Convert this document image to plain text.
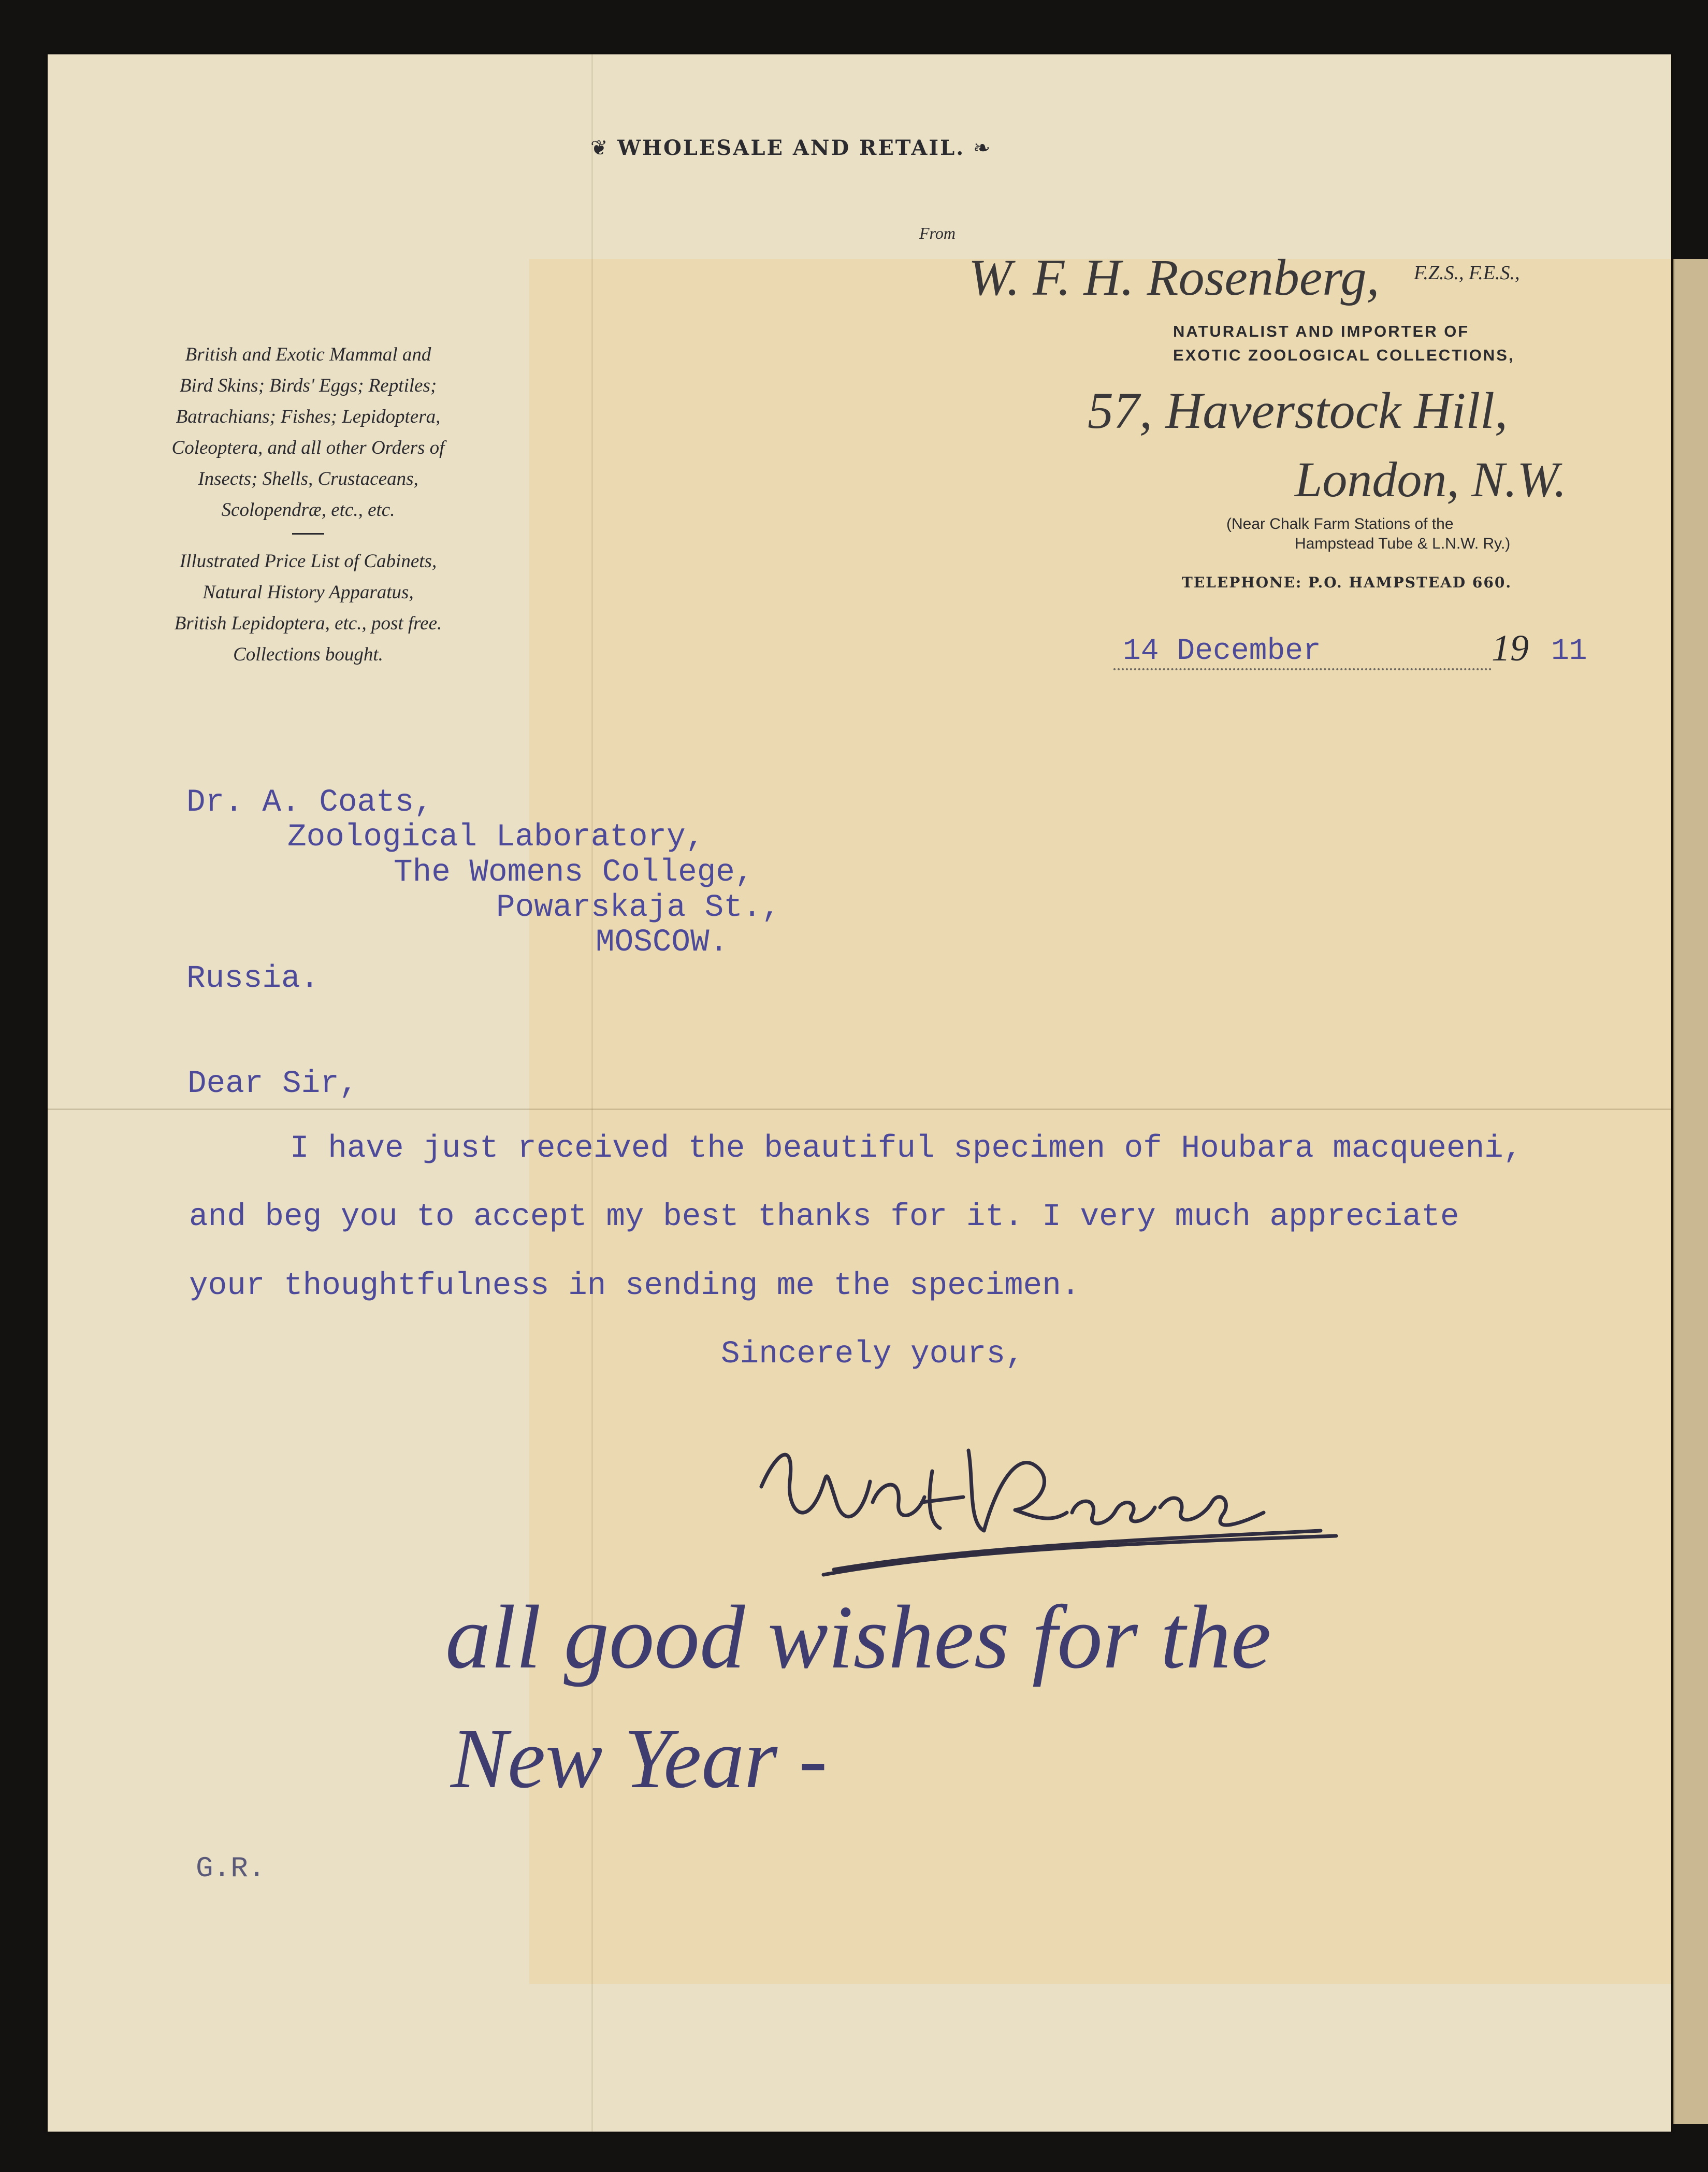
❦ WHOLESALE AND RETAIL. ❧
From
W. F. H. Rosenberg, F.Z.S., F.E.S.,
NATURALIST AND IMPORTER OF
EXOTIC ZOOLOGICAL COLLECTIONS,
57, Haverstock Hill,
London, N.W.
(Near Chalk Farm Stations of the
Hampstead Tube & L.N.W. Ry.)
TELEPHONE: P.O. HAMPSTEAD 660.
British and Exotic Mammal and
Bird Skins; Birds' Eggs; Reptiles;
Batrachians; Fishes; Lepidoptera,
Coleoptera, and all other Orders of
Insects; Shells, Crustaceans,
Scolopendræ, etc., etc.
Illustrated Price List of Cabinets,
Natural History Apparatus,
British Lepidoptera, etc., post free.
Collections bought.	14 December	19 11
Dr. A. Coats,
Zoological Laboratory,
The Womens College,
Powarskaja St.,
MOSCOW.
Russia.
Dear Sir,
I have just received the beautiful specimen of Houbara macqueeni,
and beg you to accept my best thanks for it. I very much appreciate
your thoughtfulness in sending me the specimen.
Sincerely yours,
all good wishes for the
New Year -
G.R.
